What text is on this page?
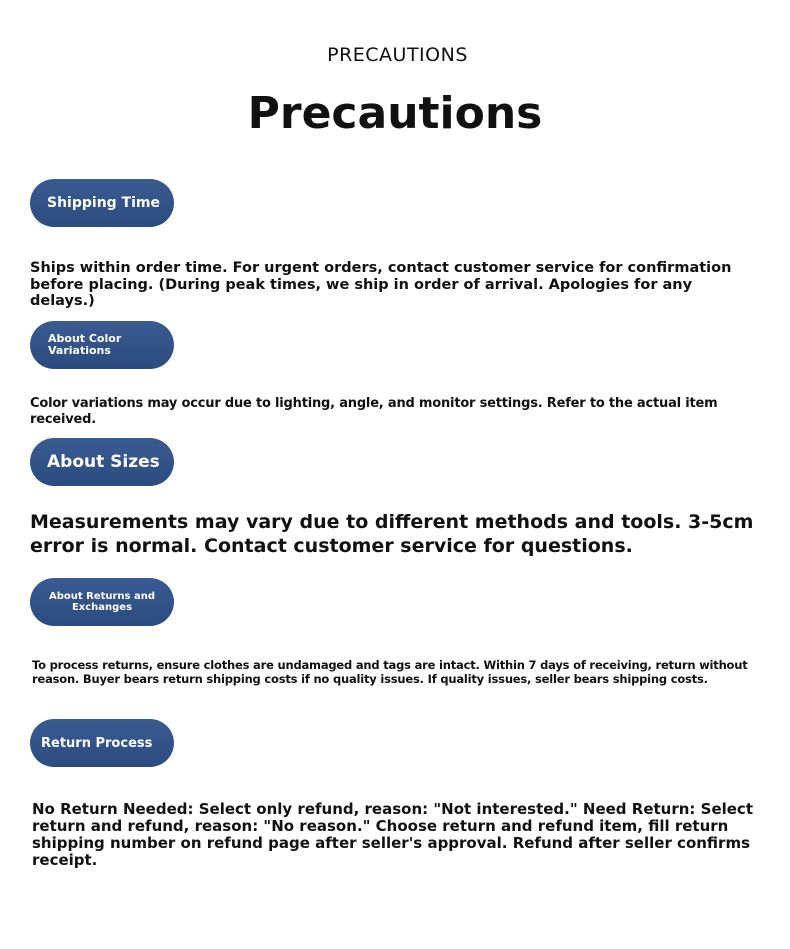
PRECAUTIONS
Precautions
Shipping Time

Ships within order time. For urgent orders, contact customer service for confirmation before placing. (During peak times, we ship in order of arrival. Apologies for any delays.)

About Color Variations

Color variations may occur due to lighting, angle, and monitor settings. Refer to the actual item received.

About Sizes

Measurements may vary due to different methods and tools. 3-5cm error is normal. Contact customer service for questions.

About Returns and Exchanges

To process returns, ensure clothes are undamaged and tags are intact. Within 7 days of receiving, return without reason. Buyer bears return shipping costs if no quality issues. If quality issues, seller bears shipping costs.

Return Process

No Return Needed: Select only refund, reason: "Not interested." Need Return: Select return and refund, reason: "No reason." Choose return and refund item, fill return shipping number on refund page after seller's approval. Refund after seller confirms receipt.
